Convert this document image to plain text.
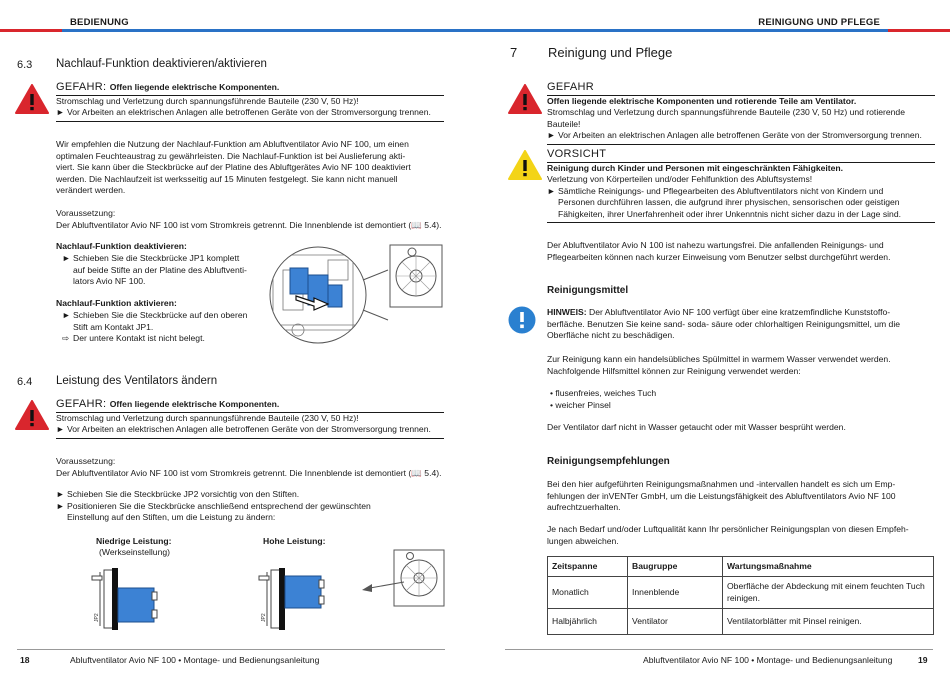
BEDIENUNG	REINIGUNG UND PFLEGE
6.3 Nachlauf-Funktion deaktivieren/aktivieren
GEFAHR: Offen liegende elektrische Komponenten.
Stromschlag und Verletzung durch spannungsführende Bauteile (230 V, 50 Hz)!
► Vor Arbeiten an elektrischen Anlagen alle betroffenen Geräte von der Stromversorgung trennen.

Wir empfehlen die Nutzung der Nachlauf-Funktion am Abluftventilator Avio NF 100, um einen
optimalen Feuchteaustrag zu gewährleisten. Die Nachlauf-Funktion ist bei Auslieferung akti-
viert. Sie kann über die Steckbrücke auf der Platine des Abluftgerätes Avio NF 100 deaktiviert
werden. Die Nachlaufzeit ist werksseitig auf 15 Minuten festgelegt. Sie kann nicht manuell
verändert werden.

Voraussetzung:
Der Abluftventilator Avio NF 100 ist vom Stromkreis getrennt. Die Innenblende ist demontiert (📖 5.4).

Nachlauf-Funktion deaktivieren:

► Schieben Sie die Steckbrücke JP1 komplett
auf beide Stifte an der Platine des Abluftventi-
lators Avio NF 100.

Nachlauf-Funktion aktivieren:

► Schieben Sie die Steckbrücke auf den oberen
Stift am Kontakt JP1.
⇨ Der untere Kontakt ist nicht belegt.

6.4 Leistung des Ventilators ändern
GEFAHR: Offen liegende elektrische Komponenten.
Stromschlag und Verletzung durch spannungsführende Bauteile (230 V, 50 Hz)!
► Vor Arbeiten an elektrischen Anlagen alle betroffenen Geräte von der Stromversorgung trennen.

Voraussetzung:
Der Abluftventilator Avio NF 100 ist vom Stromkreis getrennt. Die Innenblende ist demontiert (📖 5.4).

► Schieben Sie die Steckbrücke JP2 vorsichtig von den Stiften.
► Positionieren Sie die Steckbrücke anschließend entsprechend der gewünschten
Einstellung auf den Stiften, um die Leistung zu ändern:

Niedrige Leistung:
(Werkseinstellung)
Hohe Leistung:
JP2	JP2
7 Reinigung und Pflege
GEFAHR
Offen liegende elektrische Komponenten und rotierende Teile am Ventilator.
Stromschlag und Verletzung durch spannungsführende Bauteile (230 V, 50 Hz) und rotierende Bauteile!
► Vor Arbeiten an elektrischen Anlagen alle betroffenen Geräte von der Stromversorgung trennen.
VORSICHT
Reinigung durch Kinder und Personen mit eingeschränkten Fähigkeiten.
Verletzung von Körperteilen und/oder Fehlfunktion des Abluftsystems!
► Sämtliche Reinigungs- und Pflegearbeiten des Abluftventilators nicht von Kindern und
Personen durchführen lassen, die aufgrund ihrer physischen, sensorischen oder geistigen
Fähigkeiten, ihrer Unerfahrenheit oder ihrer Unkenntnis nicht sicher dazu in der Lage sind.

Der Abluftventilator Avio N 100 ist nahezu wartungsfrei. Die anfallenden Reinigungs- und
Pflegearbeiten können nach kurzer Einweisung vom Benutzer selbst durchgeführt werden.

Reinigungsmittel

HINWEIS: Der Abluftventilator Avio NF 100 verfügt über eine kratzemfindliche Kunststoffo-
berfläche. Benutzen Sie keine sand- soda- säure oder chlorhaltigen Reinigungsmittel, um die
Oberfläche nicht zu beschädigen.

Zur Reinigung kann ein handelsübliches Spülmittel in warmem Wasser verwendet werden.
Nachfolgende Hilfsmittel können zur Reinigung verwendet werden:

• flusenfreies, weiches Tuch
• weicher Pinsel

Der Ventilator darf nicht in Wasser getaucht oder mit Wasser besprüht werden.

Reinigungsempfehlungen

Bei den hier aufgeführten Reinigungsmaßnahmen und -intervallen handelt es sich um Emp-
fehlungen der inVENTer GmbH, um die Leistungsfähigkeit des Abluftventilators Avio NF 100
aufrechtzuerhalten.

Je nach Bedarf und/oder Luftqualität kann Ihr persönlicher Reinigungsplan von diesen Empfeh-
lungen abweichen.

Zeitspanne	Baugruppe	Wartungsmaßnahme
Monatlich	Innenblende	Oberfläche der Abdeckung mit einem feuchten Tuch reinigen.
Halbjährlich	Ventilator	Ventilatorblätter mit Pinsel reinigen.
18	Abluftventilator Avio NF 100 • Montage- und Bedienungsanleitung	Abluftventilator Avio NF 100 • Montage- und Bedienungsanleitung	19
